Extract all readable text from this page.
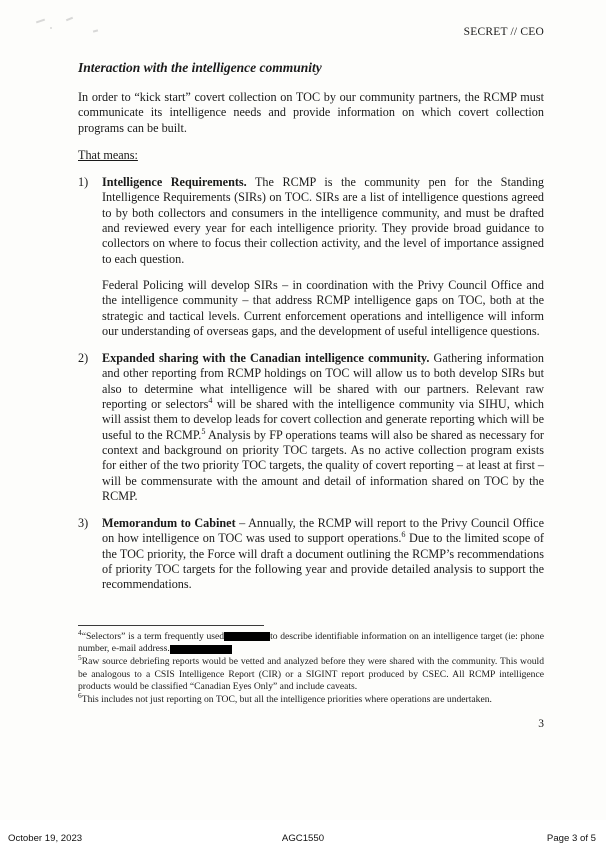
SECRET // CEO
Interaction with the intelligence community

In order to “kick start” covert collection on TOC by our community partners, the RCMP must communicate its intelligence needs and provide information on which covert collection programs can be built.

That means:

1) Intelligence Requirements. The RCMP is the community pen for the Standing Intelligence Requirements (SIRs) on TOC. SIRs are a list of intelligence questions agreed to by both collectors and consumers in the intelligence community, and must be drafted and reviewed every year for each intelligence priority. They provide broad guidance to collectors on where to focus their collection activity, and the level of importance assigned to each question.

Federal Policing will develop SIRs – in coordination with the Privy Council Office and the intelligence community – that address RCMP intelligence gaps on TOC, both at the strategic and tactical levels. Current enforcement operations and intelligence will inform our understanding of overseas gaps, and the development of useful intelligence questions.

2) Expanded sharing with the Canadian intelligence community. Gathering information and other reporting from RCMP holdings on TOC will allow us to both develop SIRs but also to determine what intelligence will be shared with our partners. Relevant raw reporting or selectors$^4$ will be shared with the intelligence community via SIHU, which will assist them to develop leads for covert collection and generate reporting which will be useful to the RCMP.$^5$ Analysis by FP operations teams will also be shared as necessary for context and background on priority TOC targets. As no active collection program exists for either of the two priority TOC targets, the quality of covert reporting – at least at first – will be commensurate with the amount and detail of information shared on TOC by the RCMP.

3) Memorandum to Cabinet – Annually, the RCMP will report to the Privy Council Office on how intelligence on TOC was used to support operations.$^6$ Due to the limited scope of the TOC priority, the Force will draft a document outlining the RCMP’s recommendations of priority TOC targets for the following year and provide detailed analysis to support the recommendations.

$^4$“Selectors” is a term frequently used	to describe identifiable information on an intelligence target (ie: phone number, e-mail address.

$^5$Raw source debriefing reports would be vetted and analyzed before they were shared with the community. This would be analogous to a CSIS Intelligence Report (CIR) or a SIGINT report produced by CSEC. All RCMP intelligence products would be classified “Canadian Eyes Only” and include caveats.

$^6$This includes not just reporting on TOC, but all the intelligence priorities where operations are undertaken.

3
October 19, 2023	AGC1550	Page 3 of 5
